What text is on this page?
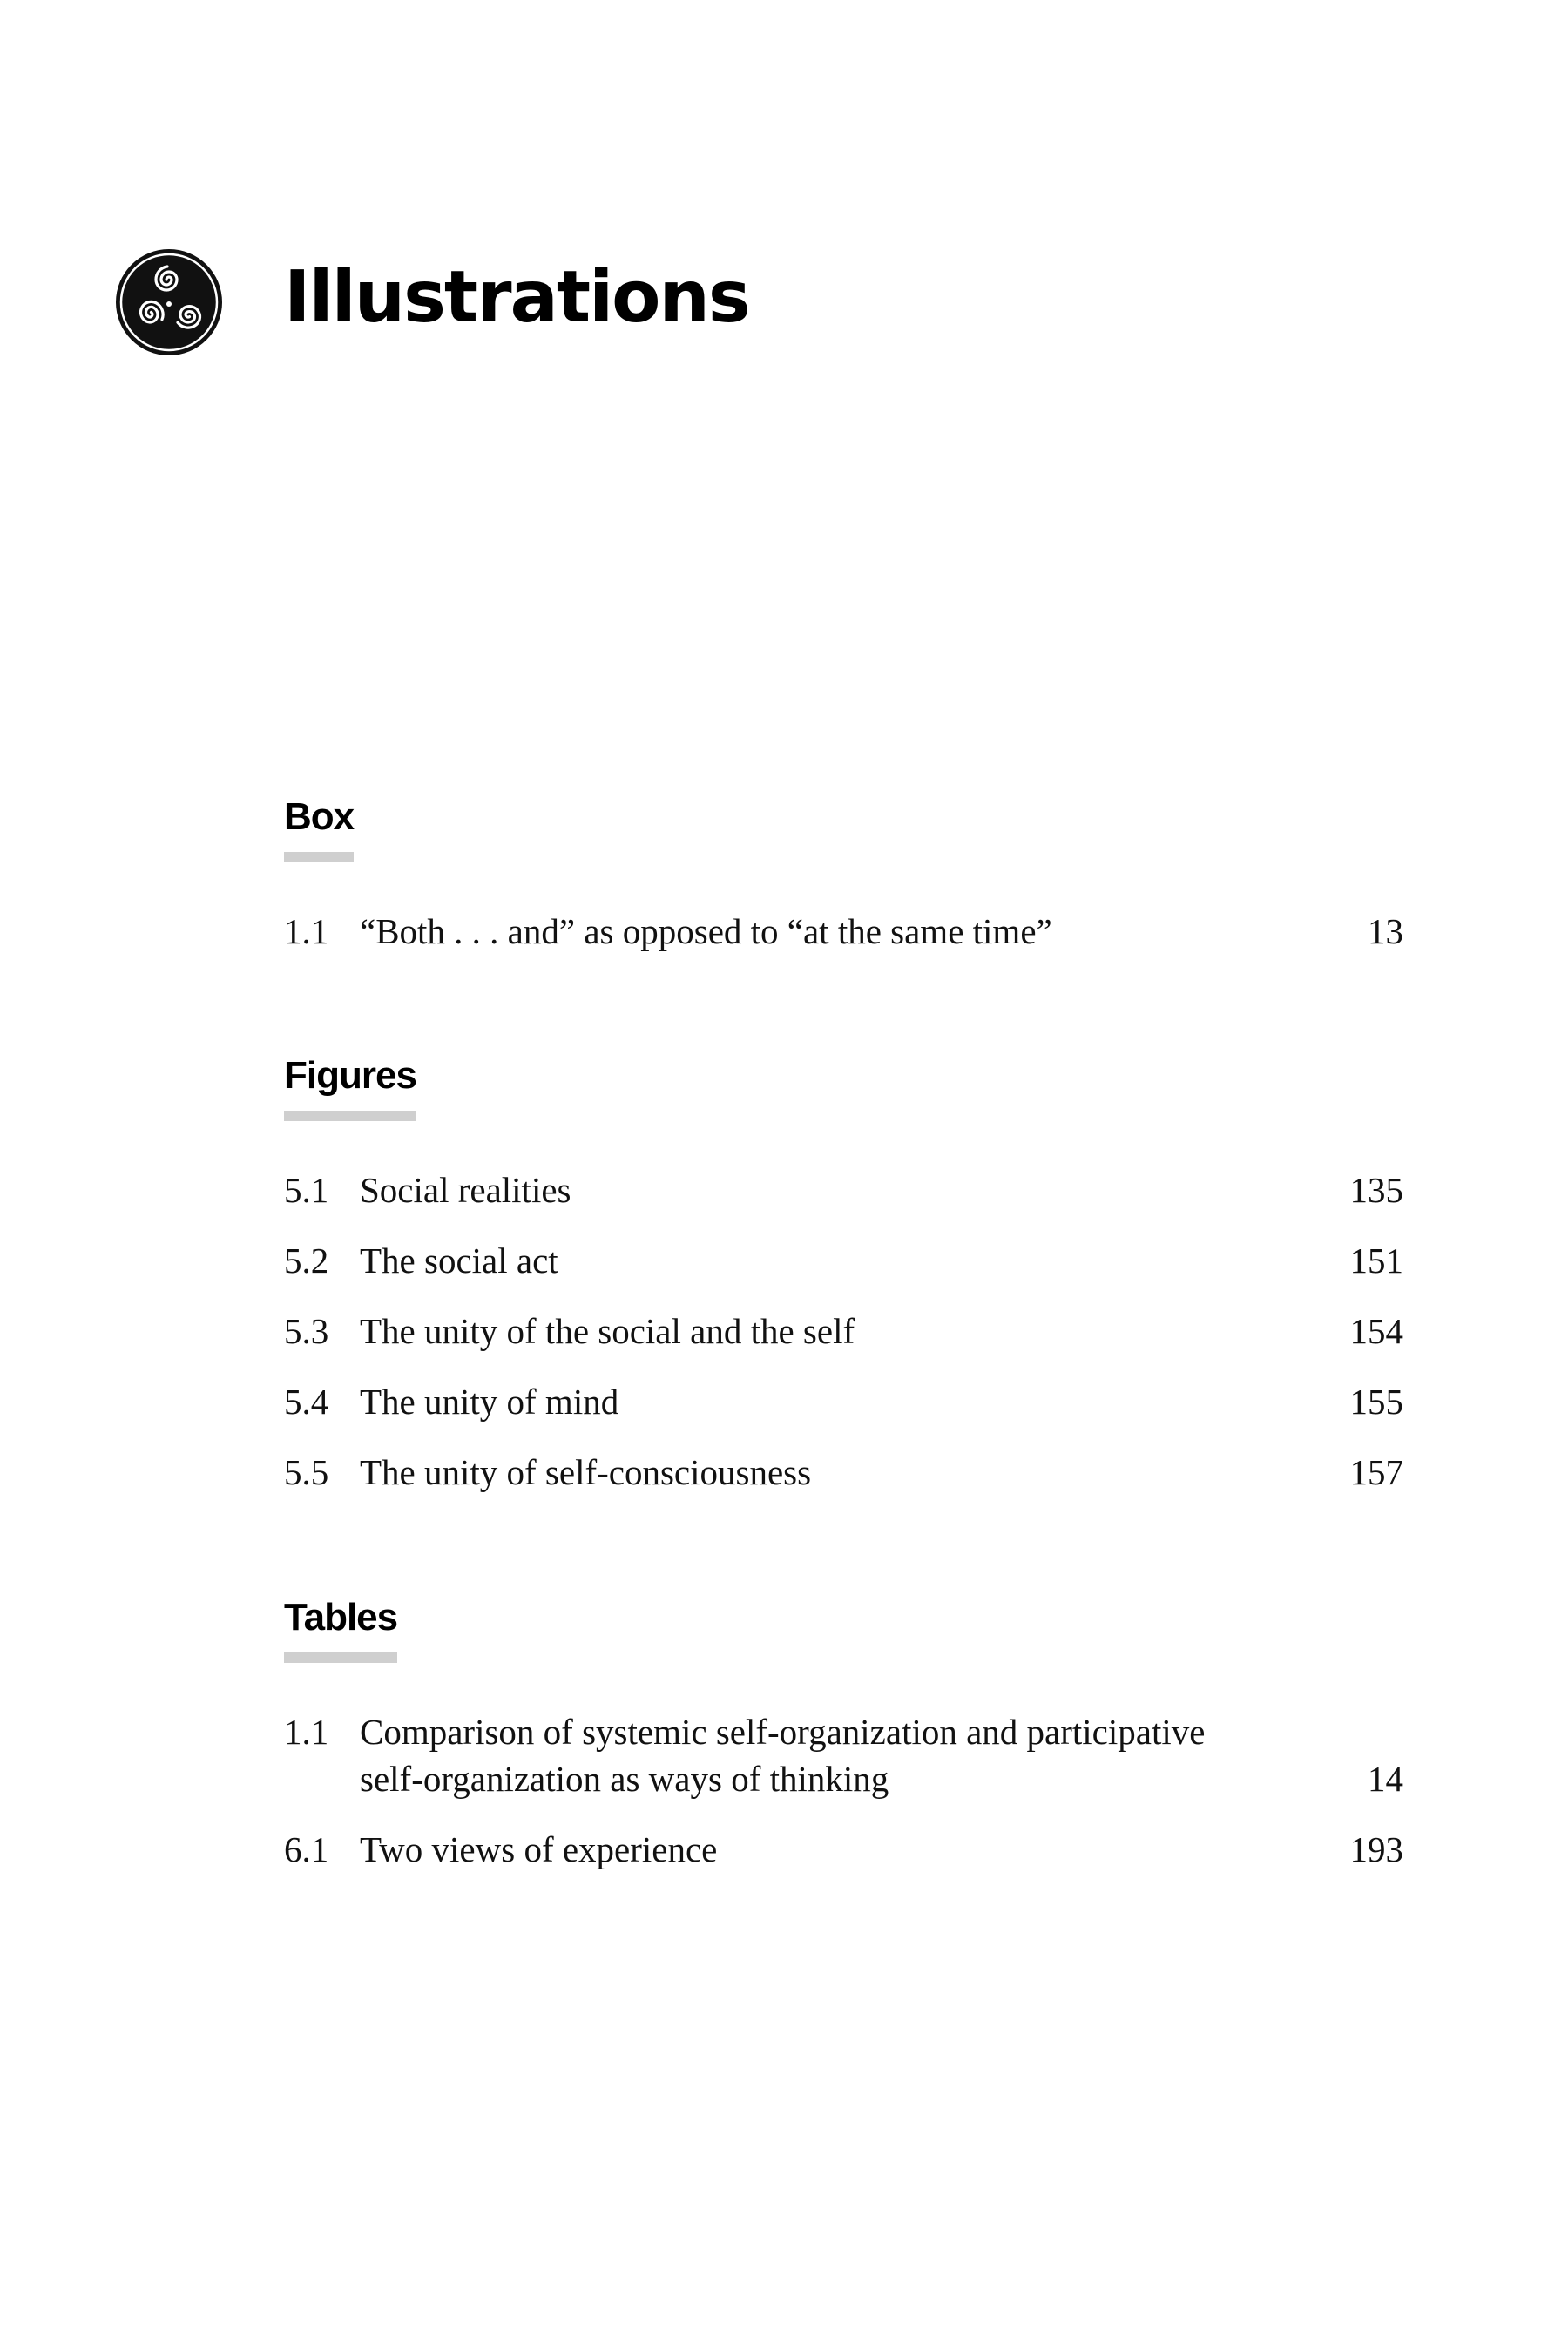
Illustrations
Box
1.1 “Both . . . and” as opposed to “at the same time”	13
Figures
5.1 Social realities	135
5.2 The social act	151
5.3 The unity of the social and the self	154
5.4 The unity of mind	155
5.5 The unity of self-consciousness	157
Tables
1.1 Comparison of systemic self-organization and participative
self-organization as ways of thinking	14
6.1 Two views of experience	193
